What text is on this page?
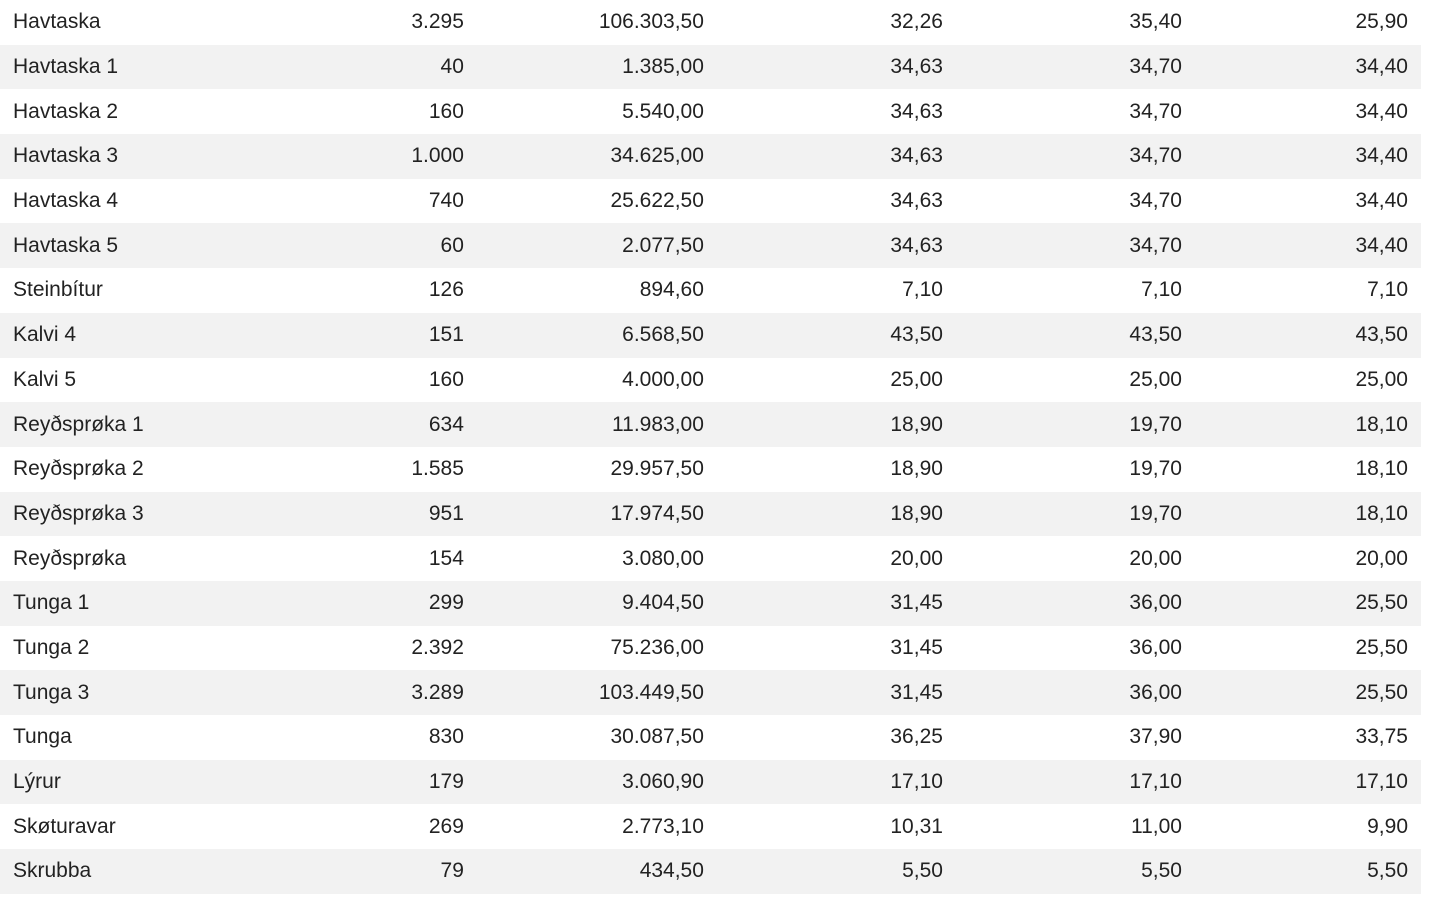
Havtaska	3.295	106.303,50	32,26	35,40	25,90
Havtaska 1	40	1.385,00	34,63	34,70	34,40
Havtaska 2	160	5.540,00	34,63	34,70	34,40
Havtaska 3	1.000	34.625,00	34,63	34,70	34,40
Havtaska 4	740	25.622,50	34,63	34,70	34,40
Havtaska 5	60	2.077,50	34,63	34,70	34,40
Steinbítur	126	894,60	7,10	7,10	7,10
Kalvi 4	151	6.568,50	43,50	43,50	43,50
Kalvi 5	160	4.000,00	25,00	25,00	25,00
Reyðsprøka 1	634	11.983,00	18,90	19,70	18,10
Reyðsprøka 2	1.585	29.957,50	18,90	19,70	18,10
Reyðsprøka 3	951	17.974,50	18,90	19,70	18,10
Reyðsprøka	154	3.080,00	20,00	20,00	20,00
Tunga 1	299	9.404,50	31,45	36,00	25,50
Tunga 2	2.392	75.236,00	31,45	36,00	25,50
Tunga 3	3.289	103.449,50	31,45	36,00	25,50
Tunga	830	30.087,50	36,25	37,90	33,75
Lýrur	179	3.060,90	17,10	17,10	17,10
Skøturavar	269	2.773,10	10,31	11,00	9,90
Skrubba	79	434,50	5,50	5,50	5,50
